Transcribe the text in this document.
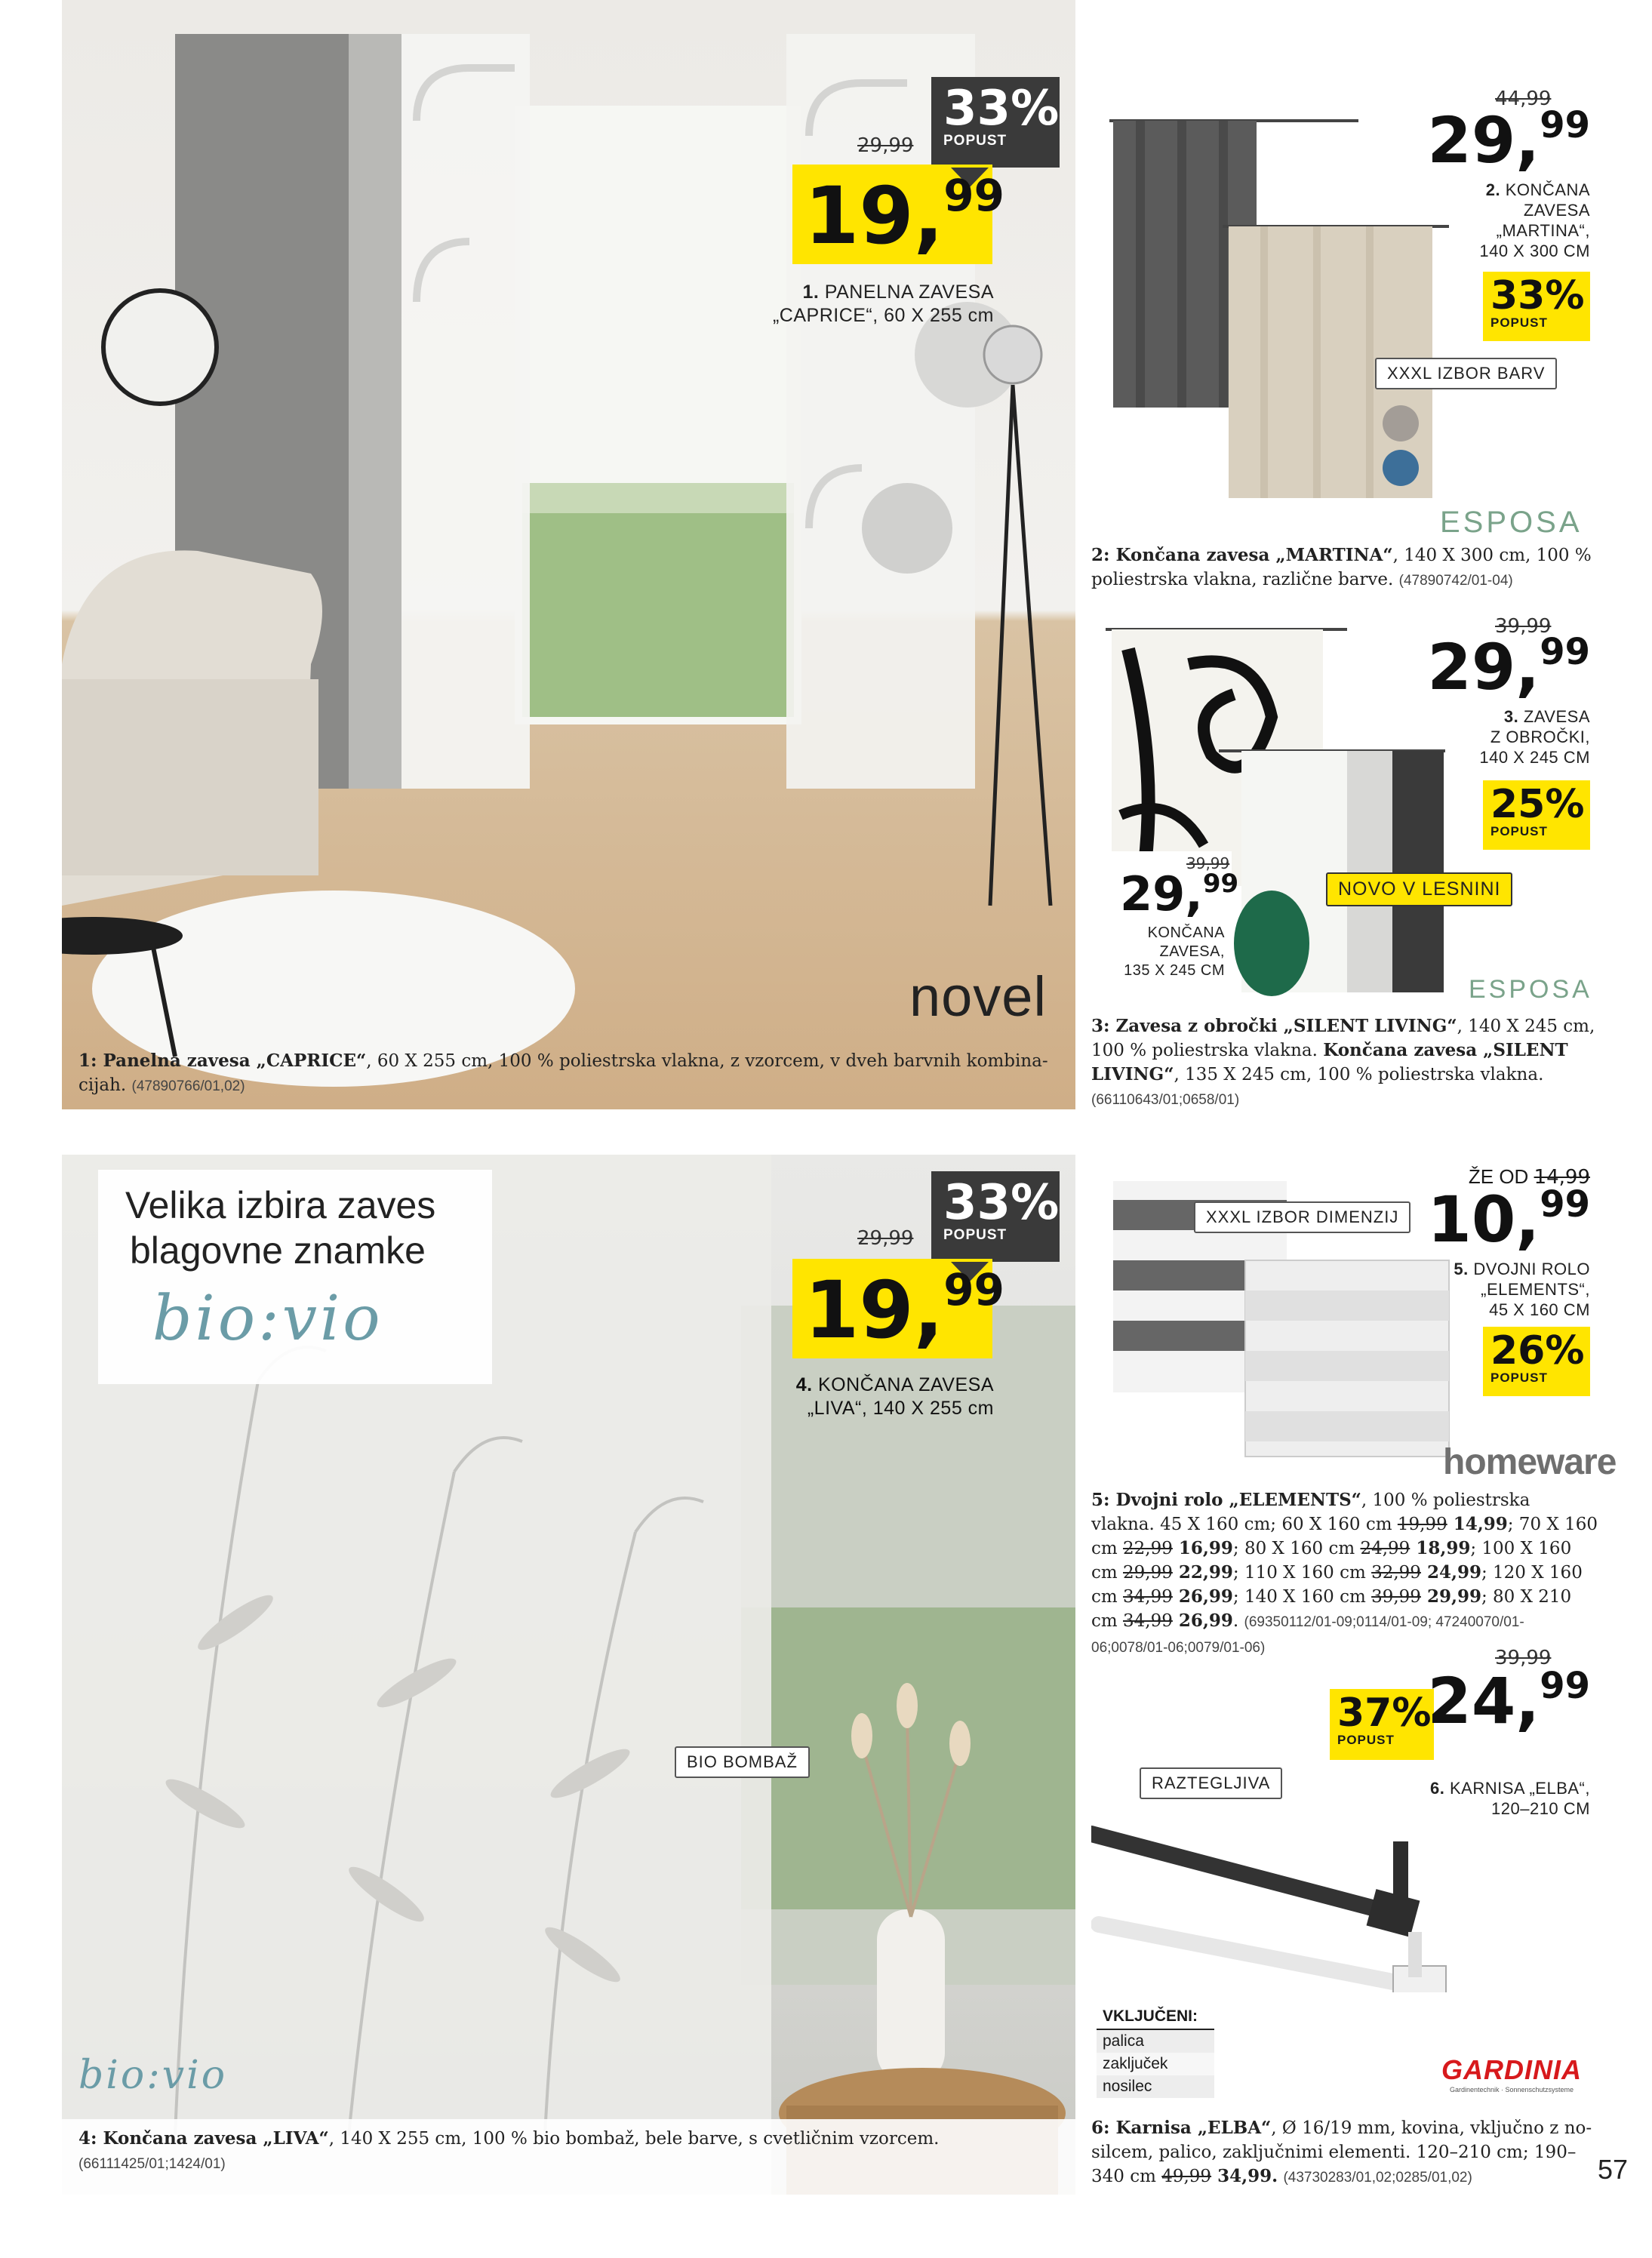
novel
33%
POPUST
29,99
19,99
1. PANELNA ZAVESA
„CAPRICE“, 60 X 255 cm
1: Panelna zavesa „CAPRICE“, 60 X 255 cm, 100 % poliestrska vlakna, z vzorcem, v dveh barvnih kombina-
cijah. (47890766/01,02)
44,99
29,99
2. KONČANA
ZAVESA
„MARTINA“,
140 X 300 CM
33%
POPUST
XXXL IZBOR BARV
ESPOSA
2: Končana zavesa „MARTINA“, 140 X 300 cm, 100 %
poliestrska vlakna, različne barve. (47890742/01-04)
39,99
29,99
3. ZAVESA
Z OBROČKI,
140 X 245 CM
25%
POPUST
39,99
29,99
KONČANA
ZAVESA,
135 X 245 CM
NOVO V LESNINI
ESPOSA
3: Zavesa z obročki „SILENT LIVING“, 140 X 245 cm,
100 % poliestrska vlakna. Končana zavesa „SILENT
LIVING“, 135 X 245 cm, 100 % poliestrska vlakna.
(66110643/01;0658/01)
Velika izbira zaves
blagovne znamke
bio:vio
bio:vio
33%
POPUST
29,99
19,99
4. KONČANA ZAVESA
„LIVA“, 140 X 255 cm
BIO BOMBAŽ
4: Končana zavesa „LIVA“, 140 X 255 cm, 100 % bio bombaž, bele barve, s cvetličnim vzorcem.
(66111425/01;1424/01)
XXXL IZBOR DIMENZIJ
ŽE OD 14,99
10,99
5. DVOJNI ROLO
„ELEMENTS“,
45 X 160 CM
26%
POPUST
homeware
5: Dvojni rolo „ELEMENTS“, 100 % poliestrska
vlakna. 45 X 160 cm; 60 X 160 cm 19,99 14,99; 70 X 160
cm 22,99 16,99; 80 X 160 cm 24,99 18,99; 100 X 160
cm 29,99 22,99; 110 X 160 cm 32,99 24,99; 120 X 160
cm 34,99 26,99; 140 X 160 cm 39,99 29,99; 80 X 210
cm 34,99 26,99. (69350112/01-09;0114/01-09; 47240070/01-
06;0078/01-06;0079/01-06)
37%
POPUST
39,99
24,99
6. KARNISA „ELBA“,
120–210 CM
RAZTEGLJIVA
VKLJUČENI:
palica
zaključek
nosilec
GARDINIA
Gardinentechnik · Sonnenschutzsysteme
6: Karnisa „ELBA“, Ø 16/19 mm, kovina, vključno z no-
silcem, palico, zaključnimi elementi. 120–210 cm; 190–
340 cm 49,99 34,99. (43730283/01,02;0285/01,02)	57
